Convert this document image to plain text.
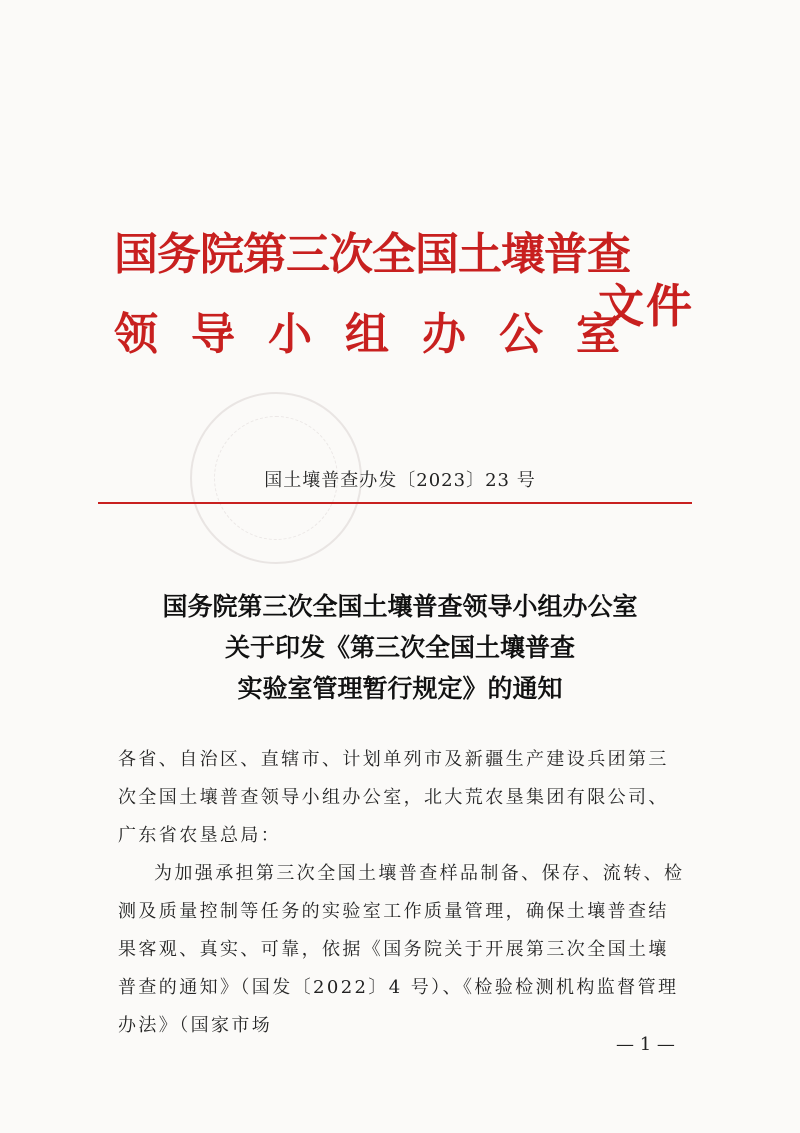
国务院第三次全国土壤普查
领导小组办公室
文件
国土壤普查办发〔2023〕23 号
国务院第三次全国土壤普查领导小组办公室
关于印发《第三次全国土壤普查
实验室管理暂行规定》的通知

各省、自治区、直辖市、计划单列市及新疆生产建设兵团第三次全国土壤普查领导小组办公室，北大荒农垦集团有限公司、广东省农垦总局：

为加强承担第三次全国土壤普查样品制备、保存、流转、检测及质量控制等任务的实验室工作质量管理，确保土壤普查结果客观、真实、可靠，依据《国务院关于开展第三次全国土壤普查的通知》（国发〔2022〕4 号）、《检验检测机构监督管理办法》（国家市场

— 1 —
